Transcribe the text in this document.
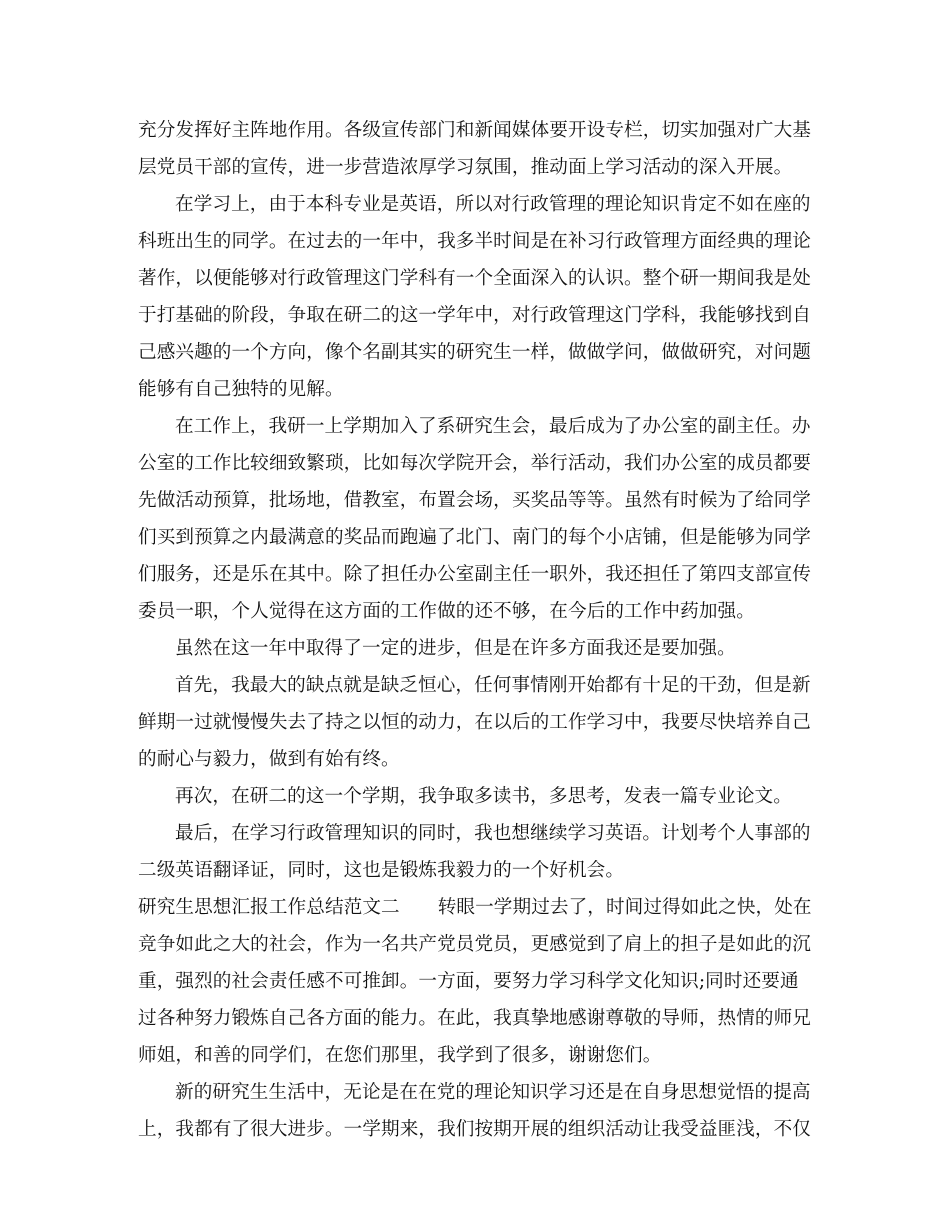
充分发挥好主阵地作用。各级宣传部门和新闻媒体要开设专栏，切实加强对广大基
层党员干部的宣传，进一步营造浓厚学习氛围，推动面上学习活动的深入开展。
在学习上，由于本科专业是英语，所以对行政管理的理论知识肯定不如在座的
科班出生的同学。在过去的一年中，我多半时间是在补习行政管理方面经典的理论
著作，以便能够对行政管理这门学科有一个全面深入的认识。整个研一期间我是处
于打基础的阶段，争取在研二的这一学年中，对行政管理这门学科，我能够找到自
己感兴趣的一个方向，像个名副其实的研究生一样，做做学问，做做研究，对问题
能够有自己独特的见解。
在工作上，我研一上学期加入了系研究生会，最后成为了办公室的副主任。办
公室的工作比较细致繁琐，比如每次学院开会，举行活动，我们办公室的成员都要
先做活动预算，批场地，借教室，布置会场，买奖品等等。虽然有时候为了给同学
们买到预算之内最满意的奖品而跑遍了北门、南门的每个小店铺，但是能够为同学
们服务，还是乐在其中。除了担任办公室副主任一职外，我还担任了第四支部宣传
委员一职，个人觉得在这方面的工作做的还不够，在今后的工作中药加强。
虽然在这一年中取得了一定的进步，但是在许多方面我还是要加强。
首先，我最大的缺点就是缺乏恒心，任何事情刚开始都有十足的干劲，但是新
鲜期一过就慢慢失去了持之以恒的动力，在以后的工作学习中，我要尽快培养自己
的耐心与毅力，做到有始有终。
再次，在研二的这一个学期，我争取多读书，多思考，发表一篇专业论文。
最后，在学习行政管理知识的同时，我也想继续学习英语。计划考个人事部的
二级英语翻译证，同时，这也是锻炼我毅力的一个好机会。
研究生思想汇报工作总结范文二 转眼一学期过去了，时间过得如此之快，处在
竞争如此之大的社会，作为一名共产党员党员，更感觉到了肩上的担子是如此的沉
重，强烈的社会责任感不可推卸。一方面，要努力学习科学文化知识;同时还要通
过各种努力锻炼自己各方面的能力。在此，我真挚地感谢尊敬的导师，热情的师兄
师姐，和善的同学们，在您们那里，我学到了很多，谢谢您们。
新的研究生生活中，无论是在在党的理论知识学习还是在自身思想觉悟的提高
上，我都有了很大进步。一学期来，我们按期开展的组织活动让我受益匪浅，不仅
